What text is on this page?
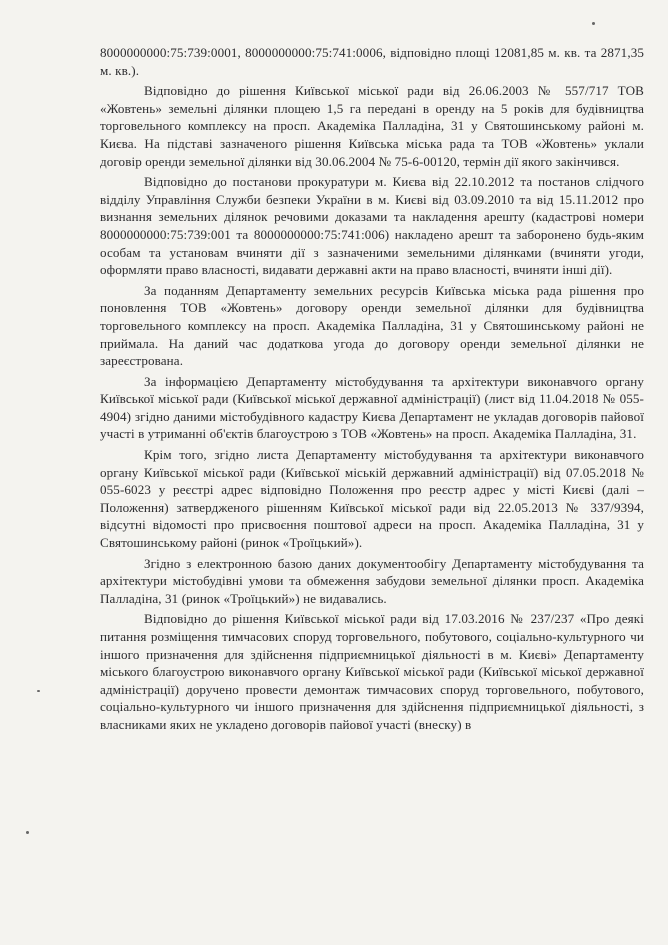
8000000000:75:739:0001, 8000000000:75:741:0006, відповідно площі 12081,85 м. кв. та 2871,35 м. кв.).

Відповідно до рішення Київської міської ради від 26.06.2003 № 557/717 ТОВ «Жовтень» земельні ділянки площею 1,5 га передані в оренду на 5 років для будівництва торговельного комплексу на просп. Академіка Палладіна, 31 у Святошинському районі м. Києва. На підставі зазначеного рішення Київська міська рада та ТОВ «Жовтень» уклали договір оренди земельної ділянки від 30.06.2004 № 75-6-00120, термін дії якого закінчився.

Відповідно до постанови прокуратури м. Києва від 22.10.2012 та постанов слідчого відділу Управління Служби безпеки України в м. Києві від 03.09.2010 та від 15.11.2012 про визнання земельних ділянок речовими доказами та накладення арешту (кадастрові номери 8000000000:75:739:001 та 8000000000:75:741:006) накладено арешт та заборонено будь-яким особам та установам вчиняти дії з зазначеними земельними ділянками (вчиняти угоди, оформляти право власності, видавати державні акти на право власності, вчиняти інші дії).

За поданням Департаменту земельних ресурсів Київська міська рада рішення про поновлення ТОВ «Жовтень» договору оренди земельної ділянки для будівництва торговельного комплексу на просп. Академіка Палладіна, 31 у Святошинському районі не приймала. На даний час додаткова угода до договору оренди земельної ділянки не зареєстрована.

За інформацією Департаменту містобудування та архітектури виконавчого органу Київської міської ради (Київської міської державної адміністрації) (лист від 11.04.2018 № 055-4904) згідно даними містобудівного кадастру Києва Департамент не укладав договорів пайової участі в утриманні об'єктів благоустрою з ТОВ «Жовтень» на просп. Академіка Палладіна, 31.

Крім того, згідно листа Департаменту містобудування та архітектури виконавчого органу Київської міської ради (Київської міській державний адміністрації) від 07.05.2018 № 055-6023 у реєстрі адрес відповідно Положення про реєстр адрес у місті Києві (далі – Положення) затвердженого рішенням Київської міської ради від 22.05.2013 № 337/9394, відсутні відомості про присвоєння поштової адреси на просп. Академіка Палладіна, 31 у Святошинському районі (ринок «Троїцький»).

Згідно з електронною базою даних документообігу Департаменту містобудування та архітектури містобудівні умови та обмеження забудови земельної ділянки просп. Академіка Палладіна, 31 (ринок «Троїцький») не видавались.

Відповідно до рішення Київської міської ради від 17.03.2016 № 237/237 «Про деякі питання розміщення тимчасових споруд торговельного, побутового, соціально-культурного чи іншого призначення для здійснення підприємницької діяльності в м. Києві» Департаменту міського благоустрою виконавчого органу Київської міської ради (Київської міської державної адміністрації) доручено провести демонтаж тимчасових споруд торговельного, побутового, соціально-культурного чи іншого призначення для здійснення підприємницької діяльності, з власниками яких не укладено договорів пайової участі (внеску) в
